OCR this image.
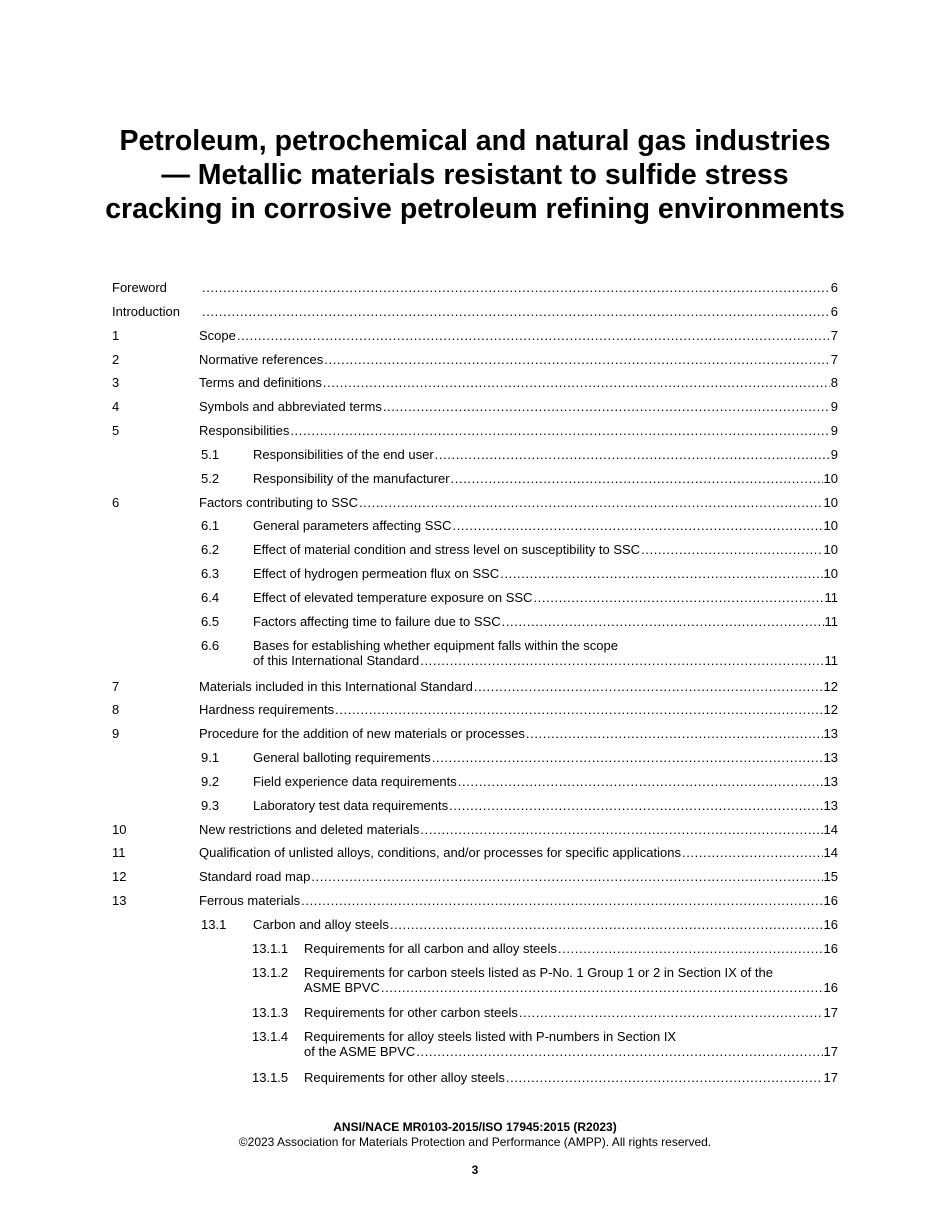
Petroleum, petrochemical and natural gas industries
— Metallic materials resistant to sulfide stress
cracking in corrosive petroleum refining environments
Foreword .....	6
Introduction .....	6
1	Scope .....	7
2	Normative references .....	7
3	Terms and definitions .....	8
4	Symbols and abbreviated terms .....	9
5	Responsibilities .....	9
5.1	Responsibilities of the end user .....	9
5.2	Responsibility of the manufacturer .....	10
6	Factors contributing to SSC .....	10
6.1	General parameters affecting SSC .....	10
6.2	Effect of material condition and stress level on susceptibility to SSC .....	10
6.3	Effect of hydrogen permeation flux on SSC .....	10
6.4	Effect of elevated temperature exposure on SSC .....	11
6.5	Factors affecting time to failure due to SSC .....	11
6.6	Bases for establishing whether equipment falls within the scope
of this International Standard .....	11
7	Materials included in this International Standard .....	12
8	Hardness requirements .....	12
9	Procedure for the addition of new materials or processes .....	13
9.1	General balloting requirements .....	13
9.2	Field experience data requirements .....	13
9.3	Laboratory test data requirements .....	13
10	New restrictions and deleted materials .....	14
11	Qualification of unlisted alloys, conditions, and/or processes for specific applications .....	14
12	Standard road map .....	15
13	Ferrous materials .....	16
13.1 Carbon and alloy steels .....	16
13.1.1 Requirements for all carbon and alloy steels .....	16
13.1.2 Requirements for carbon steels listed as P-No. 1 Group 1 or 2 in Section IX of the
ASME BPVC .....	16
13.1.3 Requirements for other carbon steels .....	17
13.1.4 Requirements for alloy steels listed with P-numbers in Section IX
of the ASME BPVC .....	17
13.1.5 Requirements for other alloy steels .....	17
ANSI/NACE MR0103-2015/ISO 17945:2015 (R2023)
©2023 Association for Materials Protection and Performance (AMPP). All rights reserved.
3
